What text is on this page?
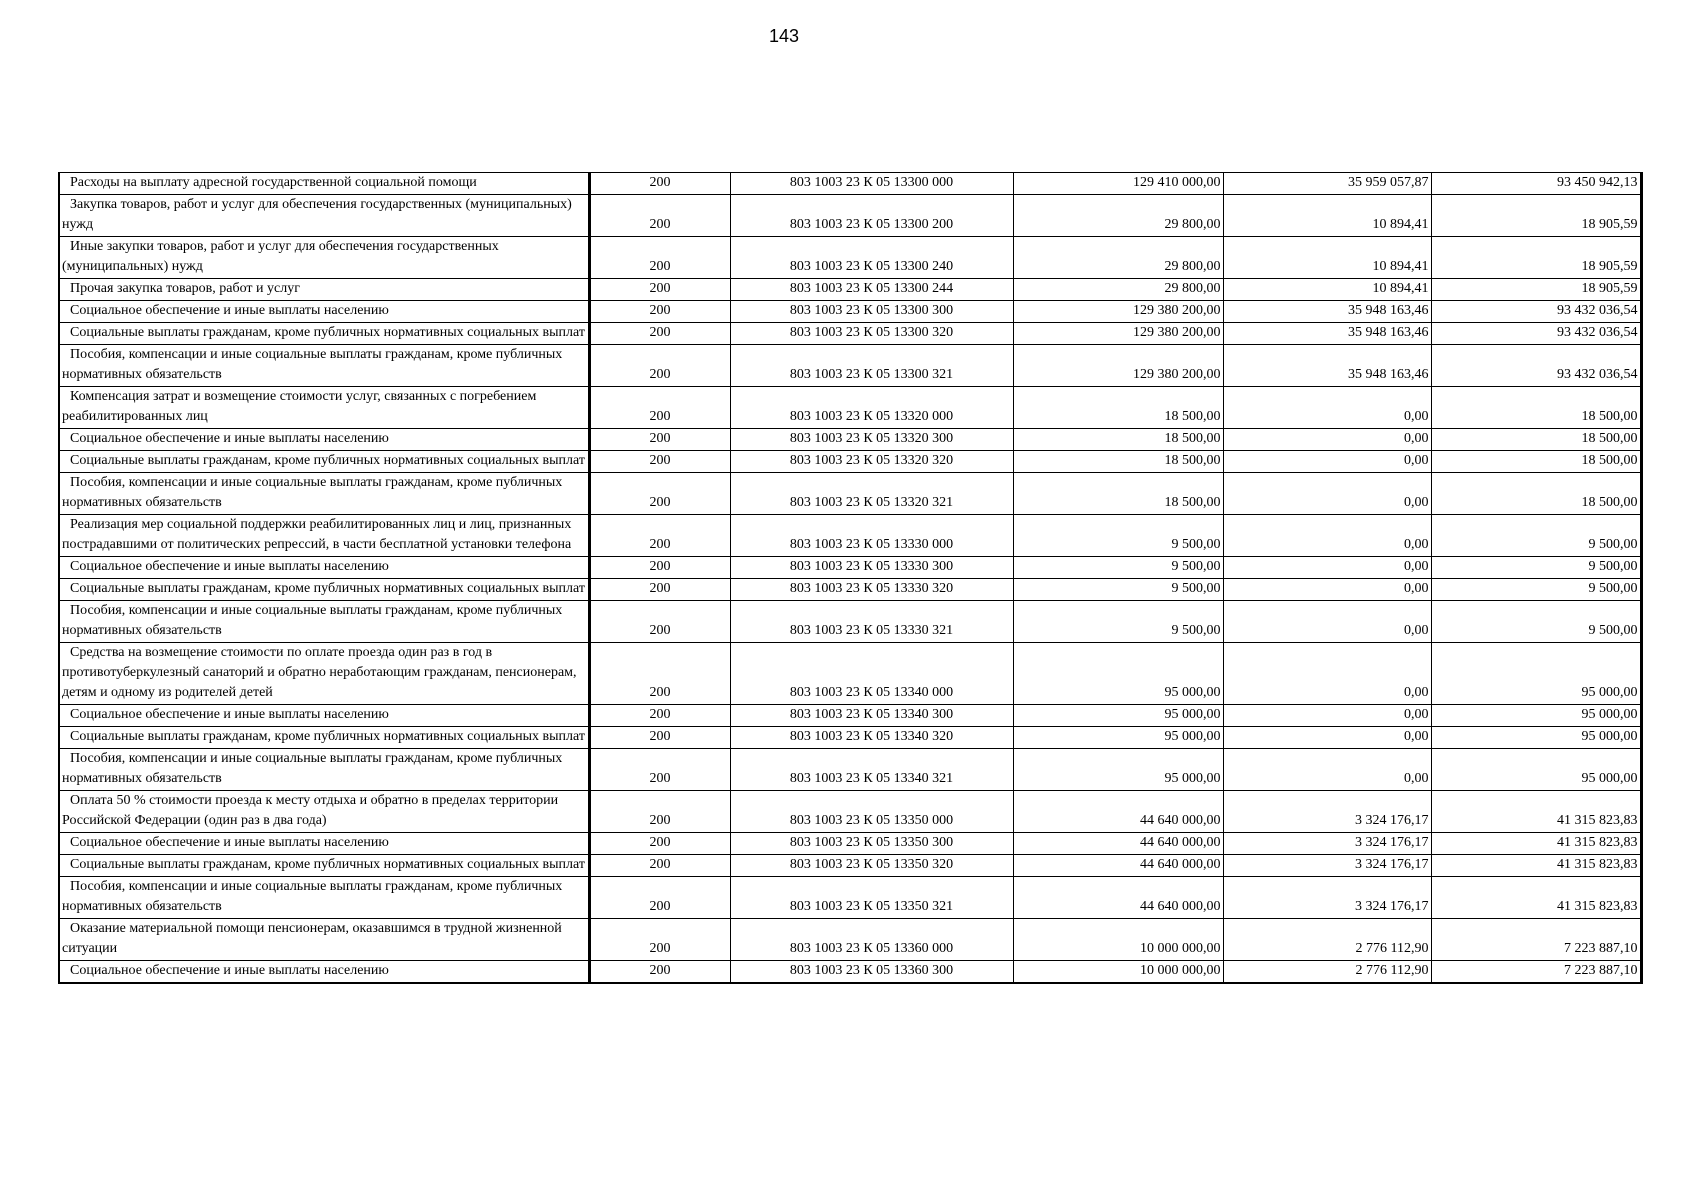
143
Расходы на выплату адресной государственной социальной помощи	200	803 1003 23 К 05 13300 000	129 410 000,00	35 959 057,87	93 450 942,13
Закупка товаров, работ и услуг для обеспечения государственных (муниципальных) нужд	200	803 1003 23 К 05 13300 200	29 800,00	10 894,41	18 905,59
Иные закупки товаров, работ и услуг для обеспечения государственных (муниципальных) нужд	200	803 1003 23 К 05 13300 240	29 800,00	10 894,41	18 905,59
Прочая закупка товаров, работ и услуг	200	803 1003 23 К 05 13300 244	29 800,00	10 894,41	18 905,59
Социальное обеспечение и иные выплаты населению	200	803 1003 23 К 05 13300 300	129 380 200,00	35 948 163,46	93 432 036,54
Социальные выплаты гражданам, кроме публичных нормативных социальных выплат	200	803 1003 23 К 05 13300 320	129 380 200,00	35 948 163,46	93 432 036,54
Пособия, компенсации и иные социальные выплаты гражданам, кроме публичных нормативных обязательств	200	803 1003 23 К 05 13300 321	129 380 200,00	35 948 163,46	93 432 036,54
Компенсация затрат и возмещение стоимости услуг, связанных с погребением реабилитированных лиц	200	803 1003 23 К 05 13320 000	18 500,00	0,00	18 500,00
Социальное обеспечение и иные выплаты населению	200	803 1003 23 К 05 13320 300	18 500,00	0,00	18 500,00
Социальные выплаты гражданам, кроме публичных нормативных социальных выплат	200	803 1003 23 К 05 13320 320	18 500,00	0,00	18 500,00
Пособия, компенсации и иные социальные выплаты гражданам, кроме публичных нормативных обязательств	200	803 1003 23 К 05 13320 321	18 500,00	0,00	18 500,00
Реализация мер социальной поддержки реабилитированных лиц и лиц, признанных пострадавшими от политических репрессий, в части бесплатной установки телефона	200	803 1003 23 К 05 13330 000	9 500,00	0,00	9 500,00
Социальное обеспечение и иные выплаты населению	200	803 1003 23 К 05 13330 300	9 500,00	0,00	9 500,00
Социальные выплаты гражданам, кроме публичных нормативных социальных выплат	200	803 1003 23 К 05 13330 320	9 500,00	0,00	9 500,00
Пособия, компенсации и иные социальные выплаты гражданам, кроме публичных нормативных обязательств	200	803 1003 23 К 05 13330 321	9 500,00	0,00	9 500,00
Средства на возмещение стоимости по оплате проезда один раз в год в противотуберкулезный санаторий и обратно неработающим гражданам, пенсионерам, детям и одному из родителей детей	200	803 1003 23 К 05 13340 000	95 000,00	0,00	95 000,00
Социальное обеспечение и иные выплаты населению	200	803 1003 23 К 05 13340 300	95 000,00	0,00	95 000,00
Социальные выплаты гражданам, кроме публичных нормативных социальных выплат	200	803 1003 23 К 05 13340 320	95 000,00	0,00	95 000,00
Пособия, компенсации и иные социальные выплаты гражданам, кроме публичных нормативных обязательств	200	803 1003 23 К 05 13340 321	95 000,00	0,00	95 000,00
Оплата 50 % стоимости проезда к месту отдыха и обратно в пределах территории Российской Федерации (один раз в два года)	200	803 1003 23 К 05 13350 000	44 640 000,00	3 324 176,17	41 315 823,83
Социальное обеспечение и иные выплаты населению	200	803 1003 23 К 05 13350 300	44 640 000,00	3 324 176,17	41 315 823,83
Социальные выплаты гражданам, кроме публичных нормативных социальных выплат	200	803 1003 23 К 05 13350 320	44 640 000,00	3 324 176,17	41 315 823,83
Пособия, компенсации и иные социальные выплаты гражданам, кроме публичных нормативных обязательств	200	803 1003 23 К 05 13350 321	44 640 000,00	3 324 176,17	41 315 823,83
Оказание материальной помощи пенсионерам, оказавшимся в трудной жизненной ситуации	200	803 1003 23 К 05 13360 000	10 000 000,00	2 776 112,90	7 223 887,10
Социальное обеспечение и иные выплаты населению	200	803 1003 23 К 05 13360 300	10 000 000,00	2 776 112,90	7 223 887,10
